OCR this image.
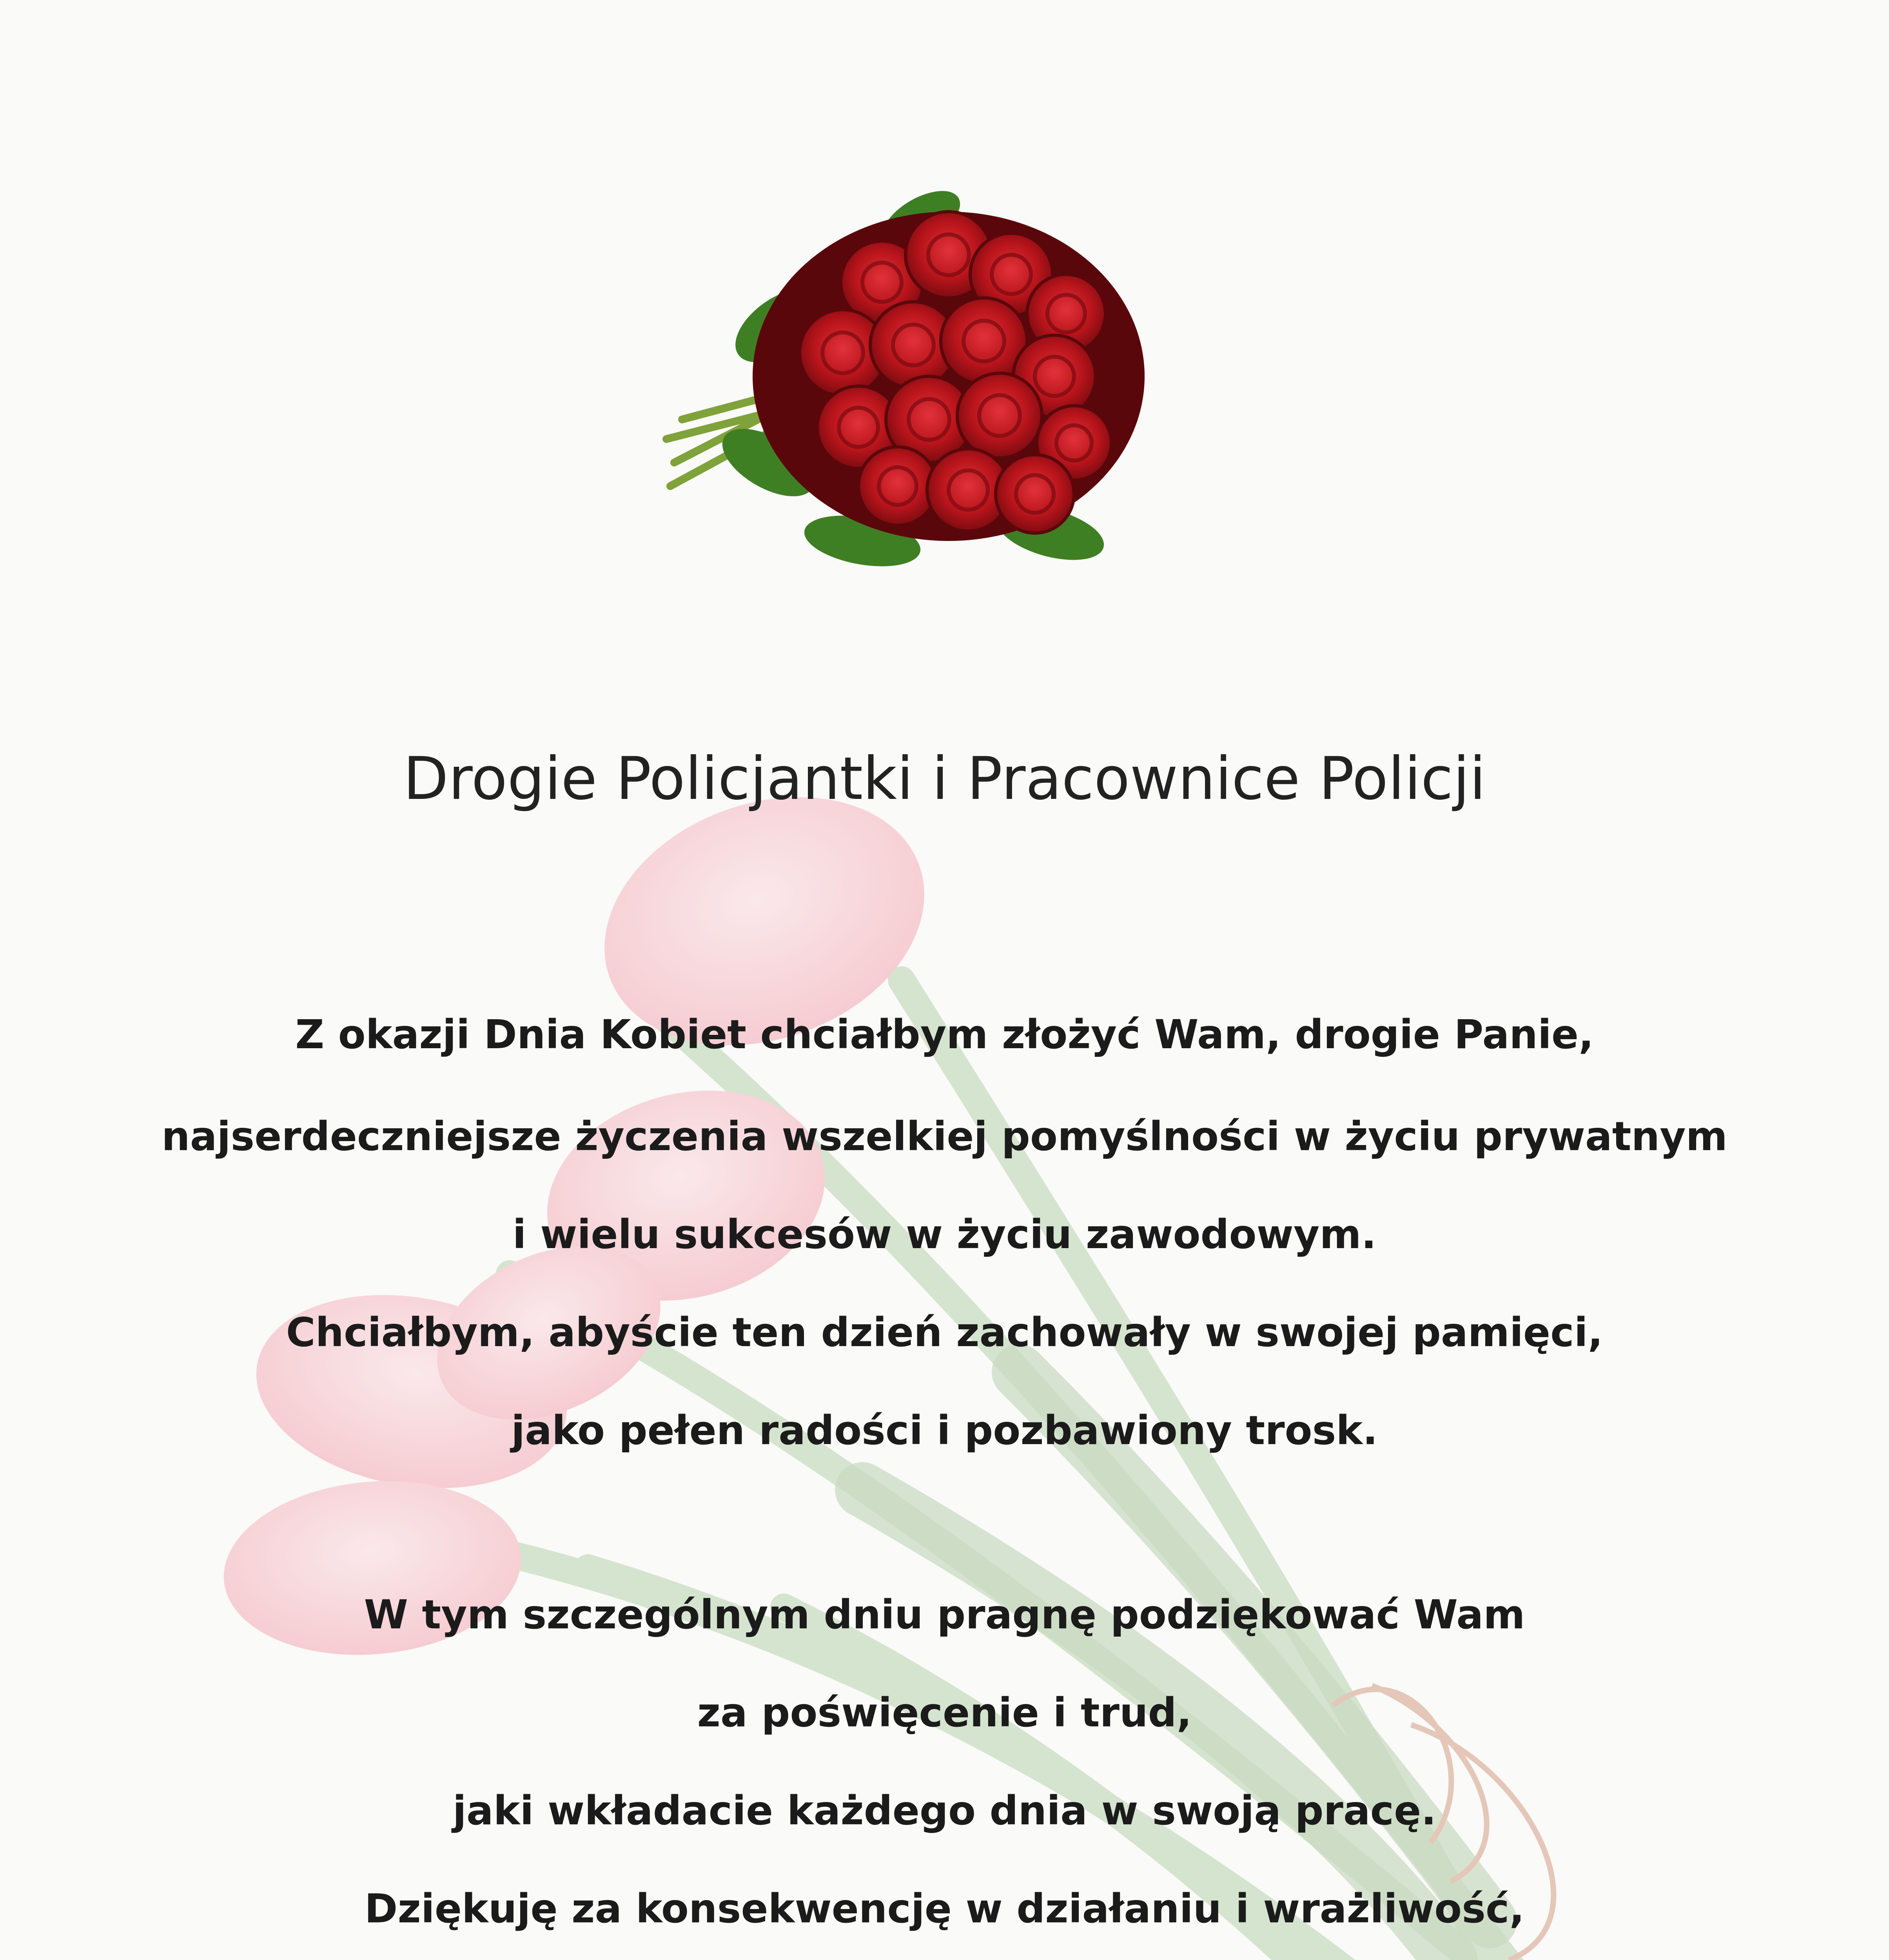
Drogie Policjantki i Pracownice Policji
Z okazji Dnia Kobiet chciałbym złożyć Wam, drogie Panie,
najserdeczniejsze życzenia wszelkiej pomyślności w życiu prywatnym
i wielu sukcesów w życiu zawodowym.
Chciałbym, abyście ten dzień zachowały w swojej pamięci,
jako pełen radości i pozbawiony trosk.
W tym szczególnym dniu pragnę podziękować Wam
za poświęcenie i trud,
jaki wkładacie każdego dnia w swoją pracę.
Dziękuję za konsekwencję w działaniu i wrażliwość,
